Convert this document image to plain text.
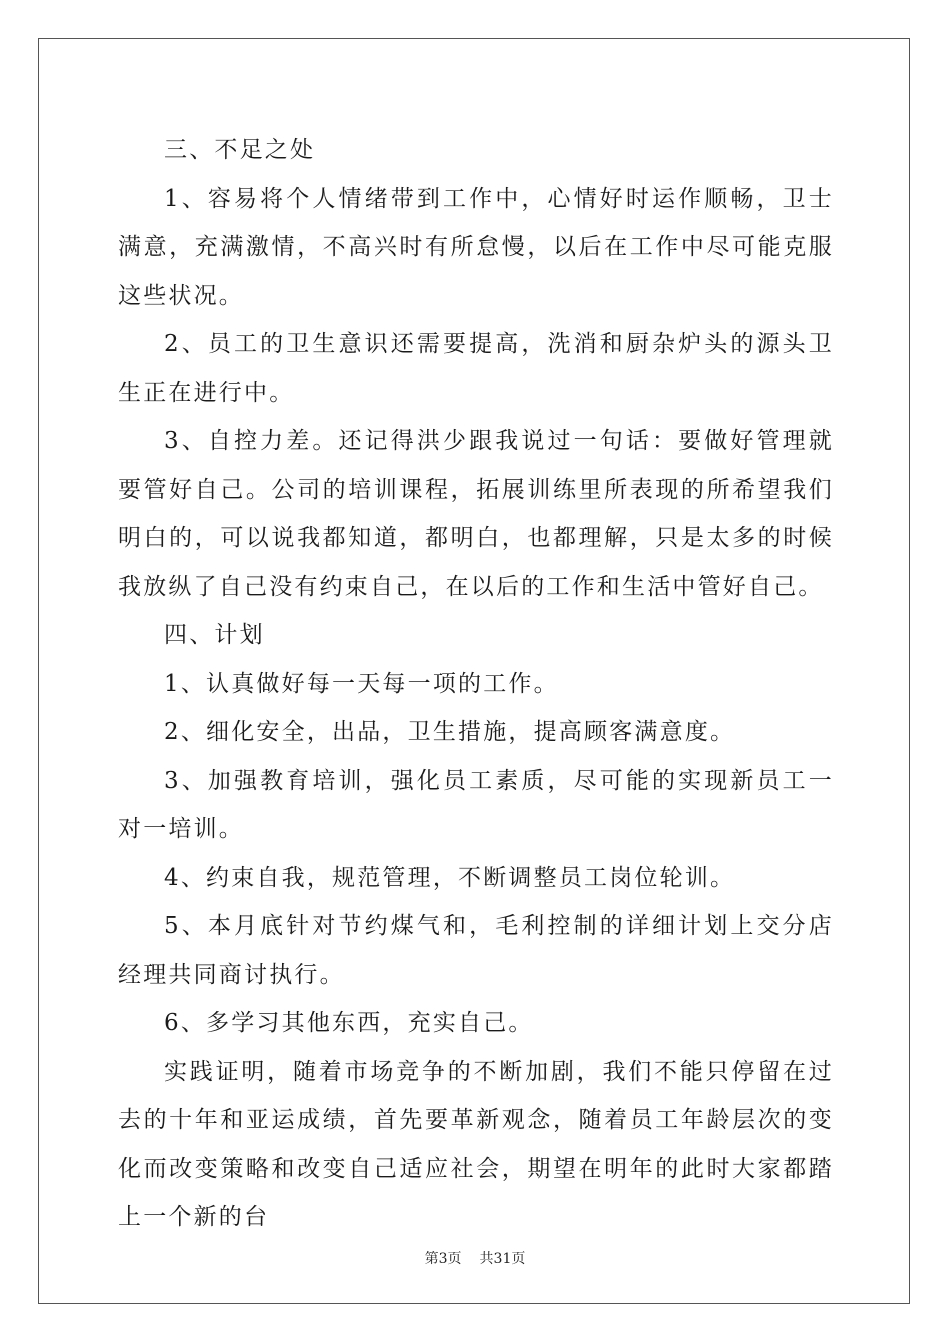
三、不足之处

1、容易将个人情绪带到工作中，心情好时运作顺畅，卫士满意，充满激情，不高兴时有所怠慢，以后在工作中尽可能克服这些状况。

2、员工的卫生意识还需要提高，洗消和厨杂炉头的源头卫生正在进行中。

3、自控力差。还记得洪少跟我说过一句话：要做好管理就要管好自己。公司的培训课程，拓展训练里所表现的所希望我们明白的，可以说我都知道，都明白，也都理解，只是太多的时候我放纵了自己没有约束自己，在以后的工作和生活中管好自己。

四、计划

1、认真做好每一天每一项的工作。

2、细化安全，出品，卫生措施，提高顾客满意度。

3、加强教育培训，强化员工素质，尽可能的实现新员工一对一培训。

4、约束自我，规范管理，不断调整员工岗位轮训。

5、本月底针对节约煤气和，毛利控制的详细计划上交分店经理共同商讨执行。

6、多学习其他东西，充实自己。

实践证明，随着市场竞争的不断加剧，我们不能只停留在过去的十年和亚运成绩，首先要革新观念，随着员工年龄层次的变化而改变策略和改变自己适应社会，期望在明年的此时大家都踏上一个新的台

第3页 共31页
